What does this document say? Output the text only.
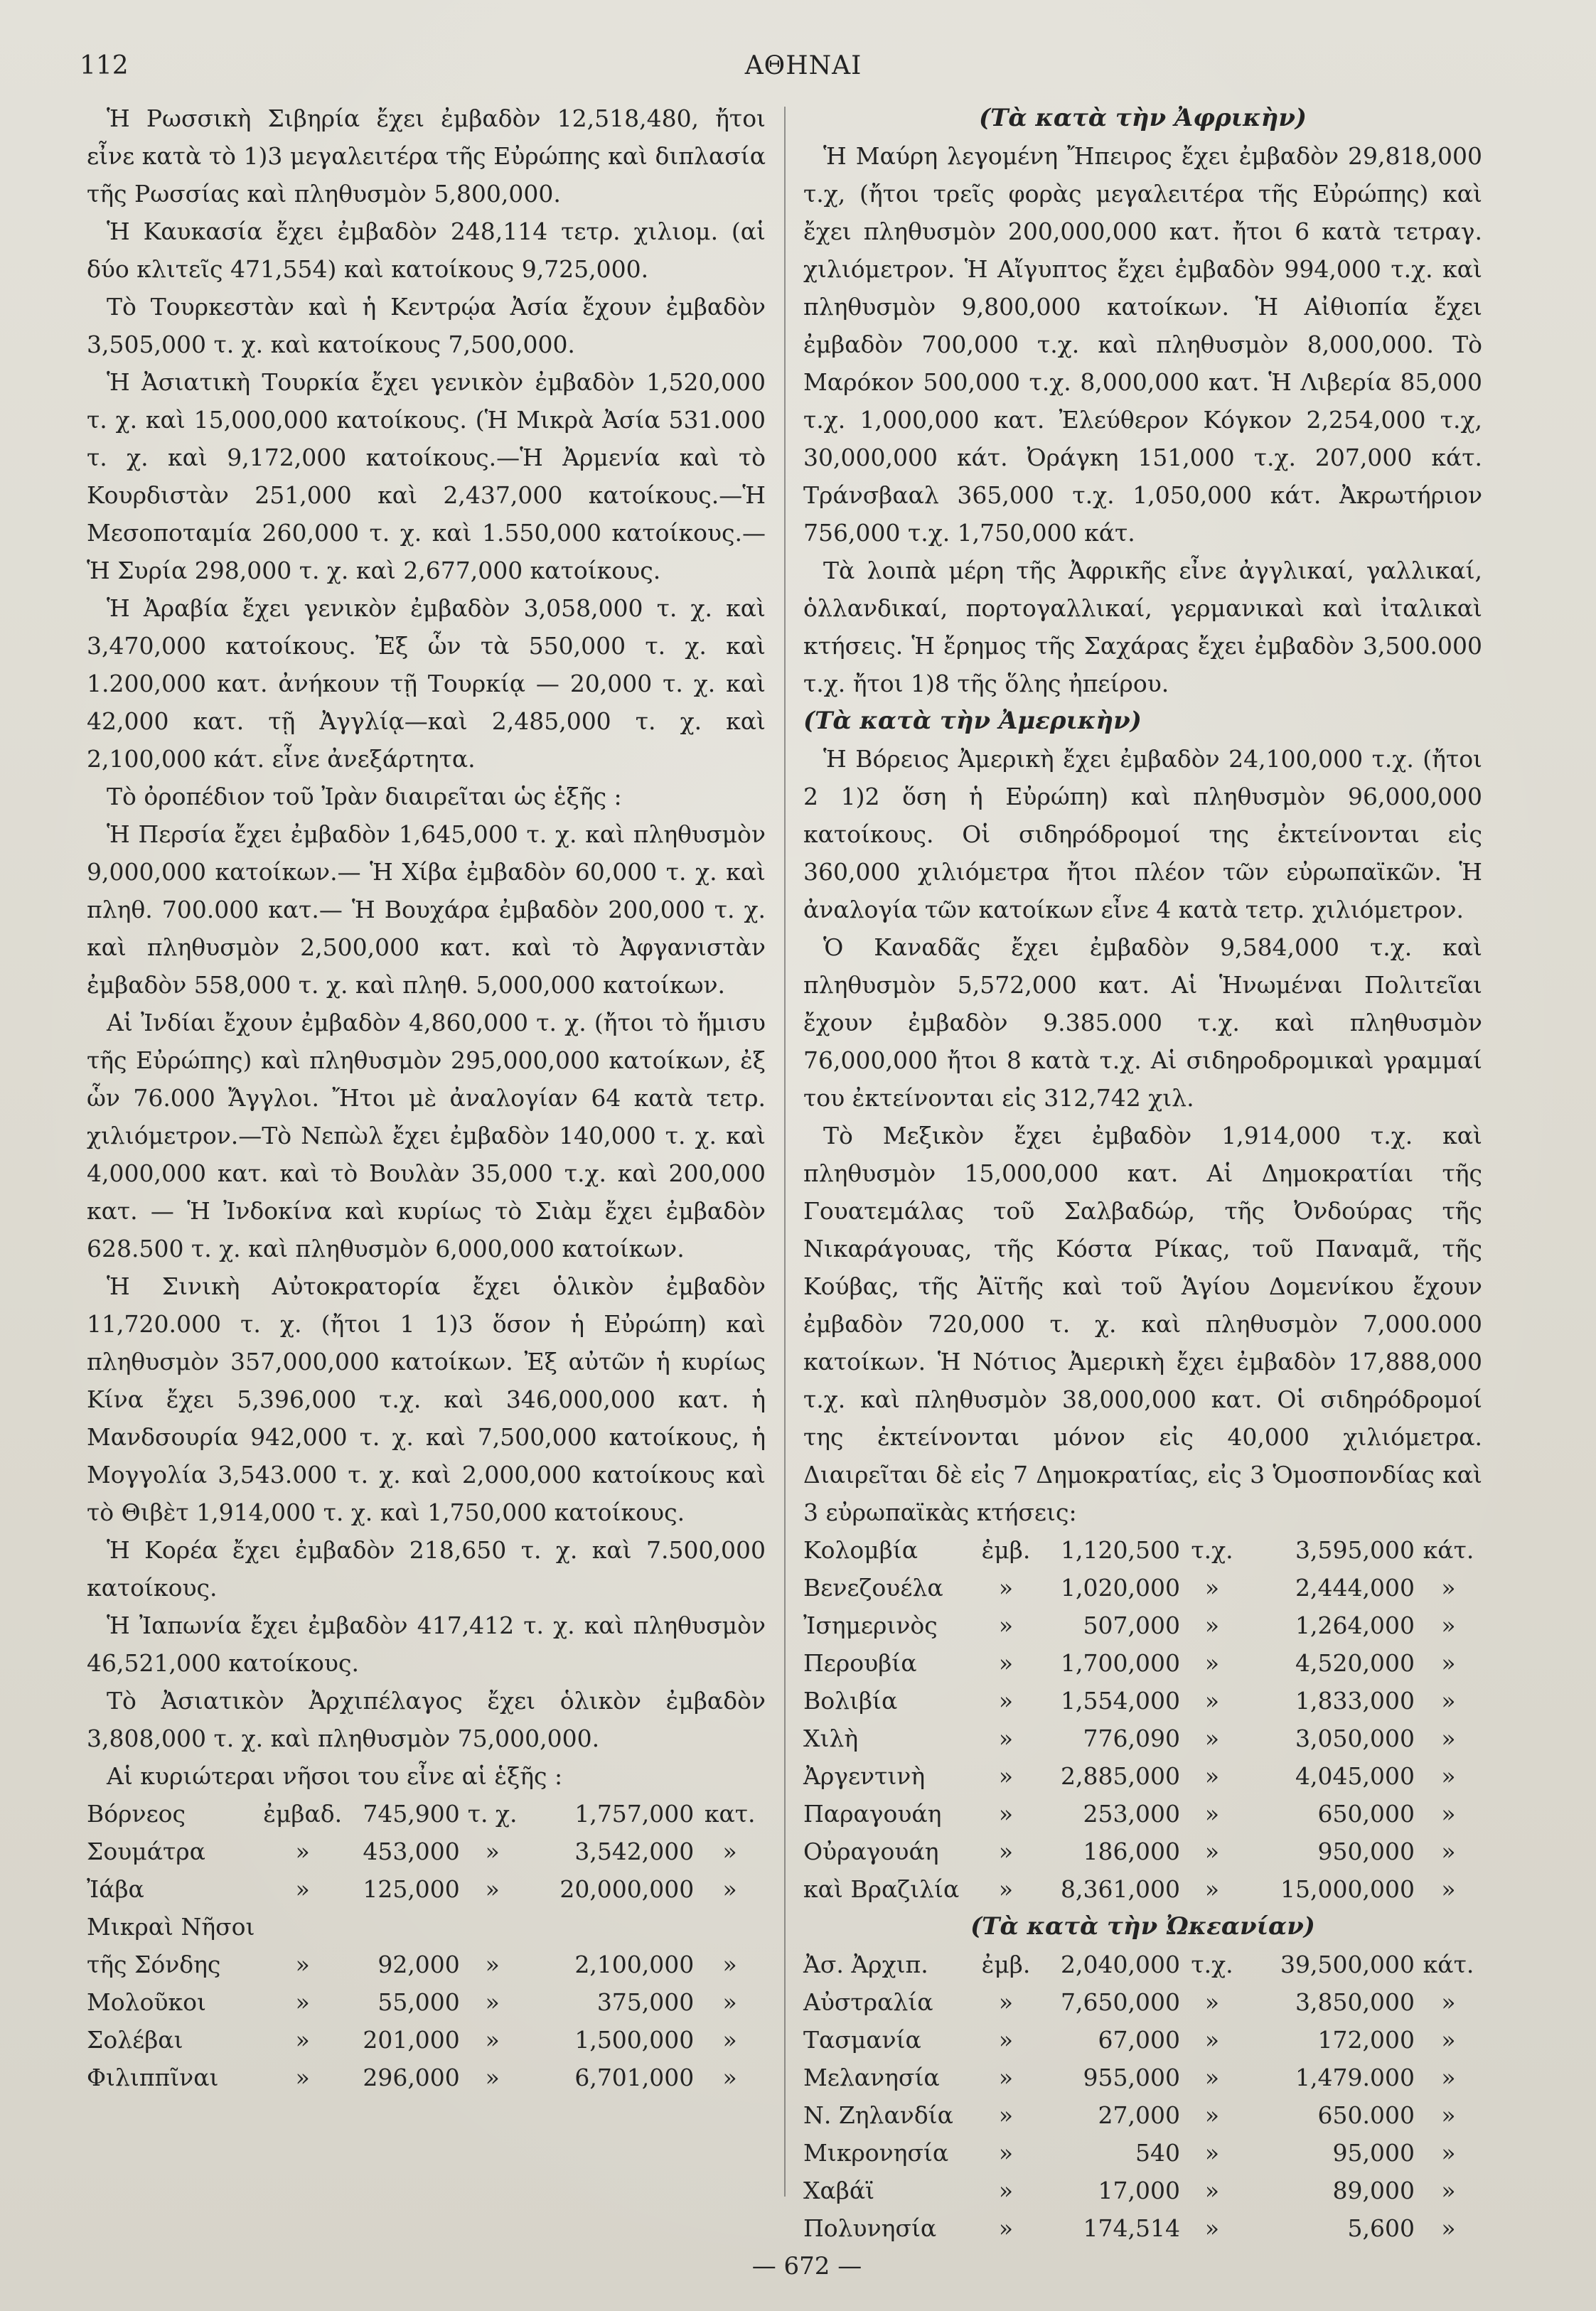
112	ΑΘΗΝΑΙ

Ἡ Ρωσσικὴ Σιβηρία ἔχει ἐμβαδὸν 12,518,480, ἤτοι εἶνε κατὰ τὸ 1)3 μεγαλειτέρα τῆς Εὐρώπης καὶ διπλασία τῆς Ρωσσίας καὶ πληθυσμὸν 5,800,000.

Ἡ Καυκασία ἔχει ἐμβαδὸν 248,114 τετρ. χιλιομ. (αἱ δύο κλιτεῖς 471,554) καὶ κατοίκους 9,725,000.

Τὸ Τουρκεστὰν καὶ ἡ Κεντρῴα Ἀσία ἔχουν ἐμβαδὸν 3,505,000 τ. χ. καὶ κατοίκους 7,500,000.

Ἡ Ἀσιατικὴ Τουρκία ἔχει γενικὸν ἐμβαδὸν 1,520,000 τ. χ. καὶ 15,000,000 κατοίκους. (Ἡ Μικρὰ Ἀσία 531.000 τ. χ. καὶ 9,172,000 κατοίκους.—Ἡ Ἀρμενία καὶ τὸ Κουρδιστὰν 251,000 καὶ 2,437,000 κατοίκους.—Ἡ Μεσοποταμία 260,000 τ. χ. καὶ 1.550,000 κατοίκους.—Ἡ Συρία 298,000 τ. χ. καὶ 2,677,000 κατοίκους.

Ἡ Ἀραβία ἔχει γενικὸν ἐμβαδὸν 3,058,000 τ. χ. καὶ 3,470,000 κατοίκους. Ἐξ ὧν τὰ 550,000 τ. χ. καὶ 1.200,000 κατ. ἀνήκουν τῇ Τουρκίᾳ — 20,000 τ. χ. καὶ 42,000 κατ. τῇ Ἀγγλίᾳ—καὶ 2,485,000 τ. χ. καὶ 2,100,000 κάτ. εἶνε ἀνεξάρτητα.

Τὸ ὀροπέδιον τοῦ Ἰρὰν διαιρεῖται ὡς ἑξῆς :

Ἡ Περσία ἔχει ἐμβαδὸν 1,645,000 τ. χ. καὶ πληθυσμὸν 9,000,000 κατοίκων.— Ἡ Χίβα ἐμβαδὸν 60,000 τ. χ. καὶ πληθ. 700.000 κατ.— Ἡ Βουχάρα ἐμβαδὸν 200,000 τ. χ. καὶ πληθυσμὸν 2,500,000 κατ. καὶ τὸ Ἀφγανιστὰν ἐμβαδὸν 558,000 τ. χ. καὶ πληθ. 5,000,000 κατοίκων.

Αἱ Ἰνδίαι ἔχουν ἐμβαδὸν 4,860,000 τ. χ. (ἤτοι τὸ ἥμισυ τῆς Εὐρώπης) καὶ πληθυσμὸν 295,000,000 κατοίκων, ἐξ ὧν 76.000 Ἄγγλοι. Ἤτοι μὲ ἀναλογίαν 64 κατὰ τετρ. χιλιόμετρον.—Τὸ Νεπὼλ ἔχει ἐμβαδὸν 140,000 τ. χ. καὶ 4,000,000 κατ. καὶ τὸ Βουλὰν 35,000 τ.χ. καὶ 200,000 κατ. — Ἡ Ἰνδοκίνα καὶ κυρίως τὸ Σιὰμ ἔχει ἐμβαδὸν 628.500 τ. χ. καὶ πληθυσμὸν 6,000,000 κατοίκων.

Ἡ Σινικὴ Αὐτοκρατορία ἔχει ὁλικὸν ἐμβαδὸν 11,720.000 τ. χ. (ἤτοι 1 1)3 ὅσον ἡ Εὐρώπη) καὶ πληθυσμὸν 357,000,000 κατοίκων. Ἐξ αὐτῶν ἡ κυρίως Κίνα ἔχει 5,396,000 τ.χ. καὶ 346,000,000 κατ. ἡ Μανδσουρία 942,000 τ. χ. καὶ 7,500,000 κατοίκους, ἡ Μογγολία 3,543.000 τ. χ. καὶ 2,000,000 κατοίκους καὶ τὸ Θιβὲτ 1,914,000 τ. χ. καὶ 1,750,000 κατοίκους.

Ἡ Κορέα ἔχει ἐμβαδὸν 218,650 τ. χ. καὶ 7.500,000 κατοίκους.

Ἡ Ἰαπωνία ἔχει ἐμβαδὸν 417,412 τ. χ. καὶ πληθυσμὸν 46,521,000 κατοίκους.

Τὸ Ἀσιατικὸν Ἀρχιπέλαγος ἔχει ὁλικὸν ἐμβαδὸν 3,808,000 τ. χ. καὶ πληθυσμὸν 75,000,000.

Αἱ κυριώτεραι νῆσοι του εἶνε αἱ ἑξῆς :

Βόρνεος	ἐμβαδ.	745,900	τ. χ.	1,757,000	κατ.
Σουμάτρα	»	453,000	»	3,542,000	»
Ἰάβα	»	125,000	»	20,000,000	»
Μικραὶ Νῆσοι					
τῆς Σόνδης	»	92,000	»	2,100,000	»
Μολοῦκοι	»	55,000	»	375,000	»
Σολέβαι	»	201,000	»	1,500,000	»
Φιλιππῖναι	»	296,000	»	6,701,000	»
(Τὰ κατὰ τὴν Ἀφρικὴν)

Ἡ Μαύρη λεγομένη Ἤπειρος ἔχει ἐμβαδὸν 29,818,000 τ.χ, (ἤτοι τρεῖς φορὰς μεγαλειτέρα τῆς Εὐρώπης) καὶ ἔχει πληθυσμὸν 200,000,000 κατ. ἤτοι 6 κατὰ τετραγ. χιλιόμετρον. Ἡ Αἴγυπτος ἔχει ἐμβαδὸν 994,000 τ.χ. καὶ πληθυσμὸν 9,800,000 κατοίκων. Ἡ Αἰθιοπία ἔχει ἐμβαδὸν 700,000 τ.χ. καὶ πληθυσμὸν 8,000,000. Τὸ Μαρόκον 500,000 τ.χ. 8,000,000 κατ. Ἡ Λιβερία 85,000 τ.χ. 1,000,000 κατ. Ἐλεύθερον Κόγκον 2,254,000 τ.χ, 30,000,000 κάτ. Ὀράγκη 151,000 τ.χ. 207,000 κάτ. Τράνσβααλ 365,000 τ.χ. 1,050,000 κάτ. Ἀκρωτήριον 756,000 τ.χ. 1,750,000 κάτ.

Τὰ λοιπὰ μέρη τῆς Ἀφρικῆς εἶνε ἀγγλικαί, γαλλικαί, ὁλλανδικαί, πορτογαλλικαί, γερμανικαὶ καὶ ἰταλικαὶ κτήσεις. Ἡ ἔρημος τῆς Σαχάρας ἔχει ἐμβαδὸν 3,500.000 τ.χ. ἤτοι 1)8 τῆς ὅλης ἠπείρου.

(Τὰ κατὰ τὴν Ἀμερικὴν)

Ἡ Βόρειος Ἀμερικὴ ἔχει ἐμβαδὸν 24,100,000 τ.χ. (ἤτοι 2 1)2 ὅση ἡ Εὐρώπη) καὶ πληθυσμὸν 96,000,000 κατοίκους. Οἱ σιδηρόδρομοί της ἐκτείνονται εἰς 360,000 χιλιόμετρα ἤτοι πλέον τῶν εὐρωπαϊκῶν. Ἡ ἀναλογία τῶν κατοίκων εἶνε 4 κατὰ τετρ. χιλιόμετρον.

Ὁ Καναδᾶς ἔχει ἐμβαδὸν 9,584,000 τ.χ. καὶ πληθυσμὸν 5,572,000 κατ. Αἱ Ἡνωμέναι Πολιτεῖαι ἔχουν ἐμβαδὸν 9.385.000 τ.χ. καὶ πληθυσμὸν 76,000,000 ἤτοι 8 κατὰ τ.χ. Αἱ σιδηροδρομικαὶ γραμμαί του ἐκτείνονται εἰς 312,742 χιλ.

Τὸ Μεξικὸν ἔχει ἐμβαδὸν 1,914,000 τ.χ. καὶ πληθυσμὸν 15,000,000 κατ. Αἱ Δημοκρατίαι τῆς Γουατεμάλας τοῦ Σαλβαδώρ, τῆς Ὀνδούρας τῆς Νικαράγουας, τῆς Κόστα Ρίκας, τοῦ Παναμᾶ, τῆς Κούβας, τῆς Ἀϊτῆς καὶ τοῦ Ἁγίου Δομενίκου ἔχουν ἐμβαδὸν 720,000 τ. χ. καὶ πληθυσμὸν 7,000.000 κατοίκων. Ἡ Νότιος Ἀμερικὴ ἔχει ἐμβαδὸν 17,888,000 τ.χ. καὶ πληθυσμὸν 38,000,000 κατ. Οἱ σιδηρόδρομοί της ἐκτείνονται μόνον εἰς 40,000 χιλιόμετρα. Διαιρεῖται δὲ εἰς 7 Δημοκρατίας, εἰς 3 Ὁμοσπονδίας καὶ 3 εὐρωπαϊκὰς κτήσεις:

Κολομβία	ἐμβ.	1,120,500	τ.χ.	3,595,000	κάτ.
Βενεζουέλα	»	1,020,000	»	2,444,000	»
Ἰσημερινὸς	»	507,000	»	1,264,000	»
Περουβία	»	1,700,000	»	4,520,000	»
Βολιβία	»	1,554,000	»	1,833,000	»
Χιλὴ	»	776,090	»	3,050,000	»
Ἀργεντινὴ	»	2,885,000	»	4,045,000	»
Παραγουάη	»	253,000	»	650,000	»
Οὐραγουάη	»	186,000	»	950,000	»
καὶ Βραζιλία	»	8,361,000	»	15,000,000	»
(Τὰ κατὰ τὴν Ὠκεανίαν)
Ἀσ. Ἀρχιπ.	ἐμβ.	2,040,000	τ.χ.	39,500,000	κάτ.
Αὐστραλία	»	7,650,000	»	3,850,000	»
Τασμανία	»	67,000	»	172,000	»
Μελανησία	»	955,000	»	1,479.000	»
Ν. Ζηλανδία	»	27,000	»	650.000	»
Μικρονησία	»	540	»	95,000	»
Χαβάϊ	»	17,000	»	89,000	»
Πολυνησία	»	174,514	»	5,600	»
— 672 —
